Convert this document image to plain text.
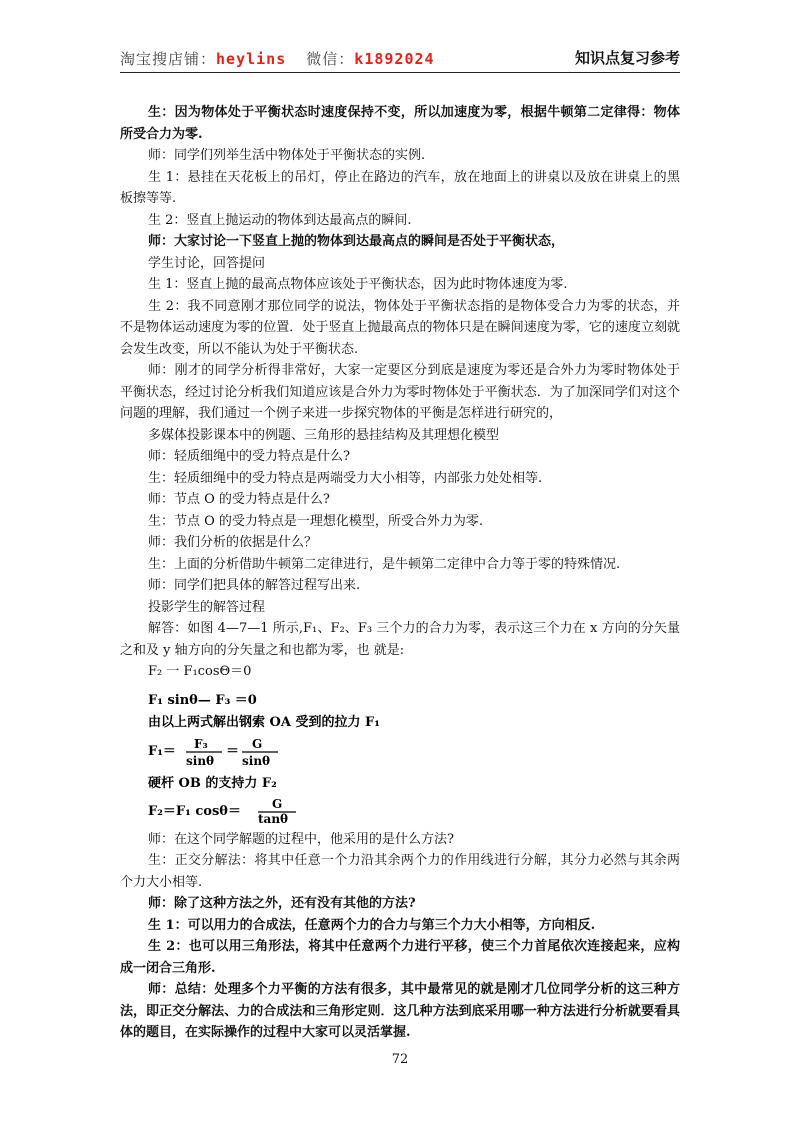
淘宝搜店铺：heylins  微信：k1892024	知识点复习参考

生：因为物体处于平衡状态时速度保持不变，所以加速度为零，根据牛顿第二定律得：物体所受合力为零.

师：同学们列举生活中物体处于平衡状态的实例.

生 1：悬挂在天花板上的吊灯，停止在路边的汽车，放在地面上的讲桌以及放在讲桌上的黑板擦等等.

生 2：竖直上抛运动的物体到达最高点的瞬间.

师：大家讨论一下竖直上抛的物体到达最高点的瞬间是否处于平衡状态，

学生讨论，回答提问

生 1：竖直上抛的最高点物体应该处于平衡状态，因为此时物体速度为零.

生 2：我不同意刚才那位同学的说法，物体处于平衡状态指的是物体受合力为零的状态，并不是物体运动速度为零的位置．处于竖直上抛最高点的物体只是在瞬间速度为零，它的速度立刻就会发生改变，所以不能认为处于平衡状态.

师：刚才的同学分析得非常好，大家一定要区分到底是速度为零还是合外力为零时物体处于平衡状态，经过讨论分析我们知道应该是合外力为零时物体处于平衡状态．为了加深同学们对这个问题的理解，我们通过一个例子来进一步探究物体的平衡是怎样进行研究的，

多媒体投影课本中的例题、三角形的悬挂结构及其理想化模型

师：轻质细绳中的受力特点是什么?

生：轻质细绳中的受力特点是两端受力大小相等，内部张力处处相等.

师：节点 O 的受力特点是什么?

生：节点 O 的受力特点是一理想化模型，所受合外力为零.

师：我们分析的依据是什么？

生：上面的分析借助牛顿第二定律进行，是牛顿第二定律中合力等于零的特殊情况.

师：同学们把具体的解答过程写出来.

投影学生的解答过程

解答：如图 4—7—1 所示,F₁、F₂、F₃ 三个力的合力为零，表示这三个力在 x 方向的分矢量之和及 y 轴方向的分矢量之和也都为零，也 就是:

F₂ 一 F₁cosΘ＝0

F₁ sinθ— F₃ ＝0
由以上两式解出钢索 OA 受到的拉力 F₁
F₁＝ F₃
sinθ
＝ G
sinθ
硬杆 OB 的支持力 F₂
F₂＝F₁ cosθ＝	G
tanθ

师：在这个同学解题的过程中，他采用的是什么方法?

生：正交分解法：将其中任意一个力沿其余两个力的作用线进行分解，其分力必然与其余两个力大小相等.

师：除了这种方法之外，还有没有其他的方法?

生 1：可以用力的合成法，任意两个力的合力与第三个力大小相等，方向相反.

生 2：也可以用三角形法，将其中任意两个力进行平移，使三个力首尾依次连接起来，应构成一闭合三角形.

师：总结：处理多个力平衡的方法有很多，其中最常见的就是刚才几位同学分析的这三种方法，即正交分解法、力的合成法和三角形定则．这几种方法到底采用哪一种方法进行分析就要看具体的题目，在实际操作的过程中大家可以灵活掌握.

72
